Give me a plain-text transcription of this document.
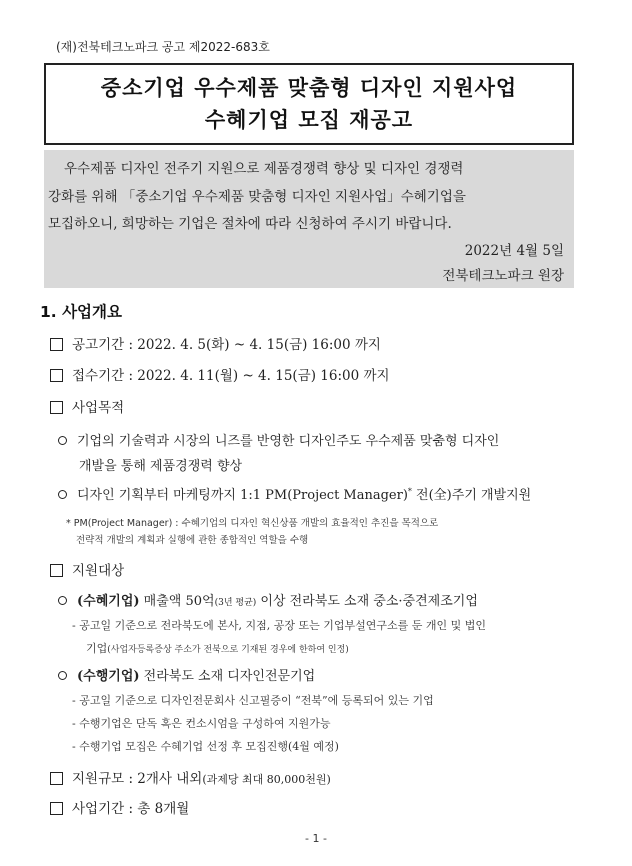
(재)전북테크노파크 공고 제2022-683호
중소기업 우수제품 맞춤형 디자인 지원사업
수혜기업 모집 재공고
우수제품 디자인 전주기 지원으로 제품경쟁력 향상 및 디자인 경쟁력
강화를 위해 「중소기업 우수제품 맞춤형 디자인 지원사업」수혜기업을
모집하오니, 희망하는 기업은 절차에 따라 신청하여 주시기 바랍니다.
2022년 4월 5일
전북테크노파크 원장
1. 사업개요
공고기간 : 2022. 4. 5(화) ~ 4. 15(금) 16:00 까지
접수기간 : 2022. 4. 11(월) ~ 4. 15(금) 16:00 까지
사업목적
기업의 기술력과 시장의 니즈를 반영한 디자인주도 우수제품 맞춤형 디자인
개발을 통해 제품경쟁력 향상
디자인 기획부터 마케팅까지 1:1 PM(Project Manager)* 전(全)주기 개발지원
* PM(Project Manager) : 수혜기업의 디자인 혁신상품 개발의 효율적인 추진을 목적으로
전략적 개발의 계획과 실행에 관한 종합적인 역할을 수행
지원대상
(수혜기업) 매출액 50억(3년 평균) 이상 전라북도 소재 중소·중견제조기업
- 공고일 기준으로 전라북도에 본사, 지점, 공장 또는 기업부설연구소를 둔 개인 및 법인
기업(사업자등록증상 주소가 전북으로 기재된 경우에 한하여 인정)
(수행기업) 전라북도 소재 디자인전문기업
- 공고일 기준으로 디자인전문회사 신고필증이 “전북”에 등록되어 있는 기업
- 수행기업은 단독 혹은 컨소시엄을 구성하여 지원가능
- 수행기업 모집은 수혜기업 선정 후 모집진행(4월 예정)
지원규모 : 2개사 내외(과제당 최대 80,000천원)
사업기간 : 총 8개월
- 1 -
